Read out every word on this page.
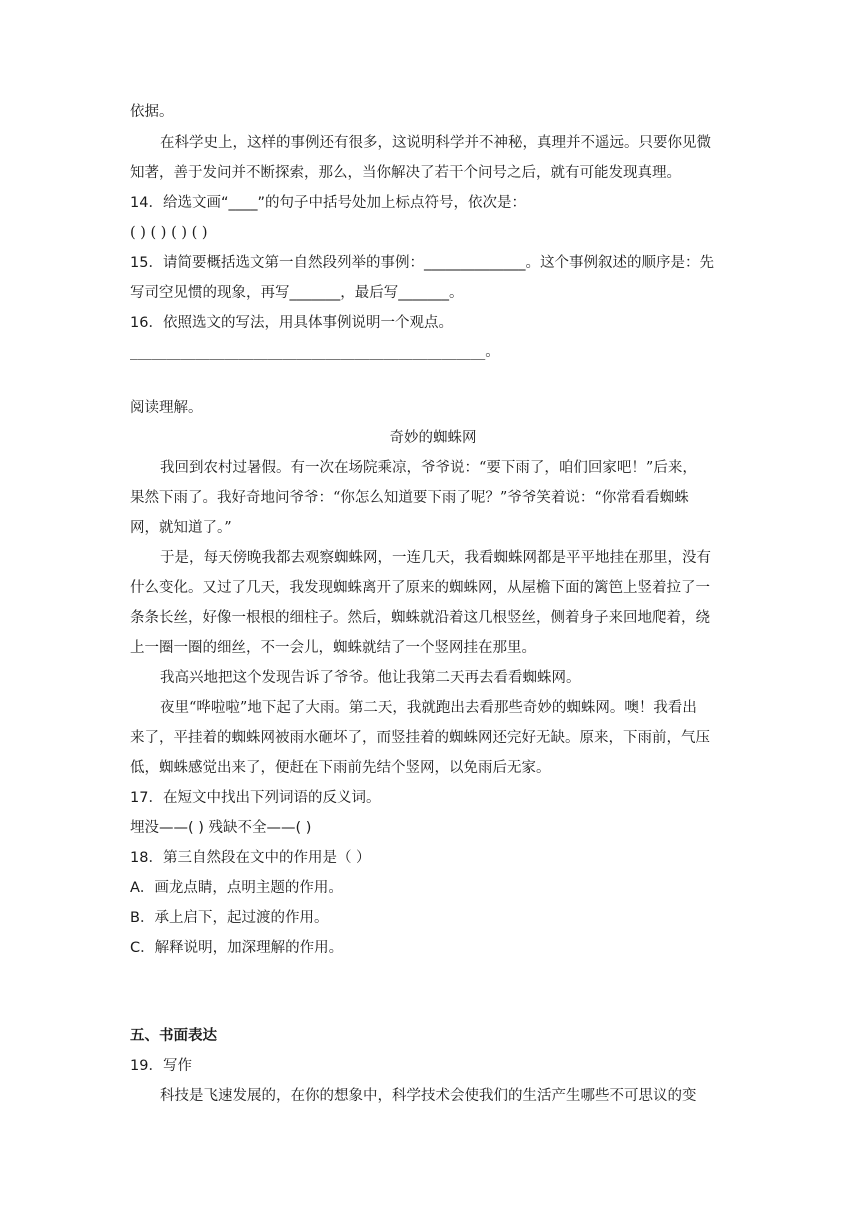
依据。
在科学史上，这样的事例还有很多，这说明科学并不神秘，真理并不遥远。只要你见微
知著，善于发问并不断探索，那么，当你解决了若干个问号之后，就有可能发现真理。
14．给选文画“____”的句子中括号处加上标点符号，依次是：
( ) ( ) ( ) ( )
15．请简要概括选文第一自然段列举的事例：______________。这个事例叙述的顺序是：先
写司空见惯的现象，再写_______，最后写_______。
16．依照选文的写法，用具体事例说明一个观点。
_________________________________________________。
阅读理解。
奇妙的蜘蛛网
我回到农村过暑假。有一次在场院乘凉，爷爷说：“要下雨了，咱们回家吧！”后来，
果然下雨了。我好奇地问爷爷：“你怎么知道要下雨了呢？”爷爷笑着说：“你常看看蜘蛛
网，就知道了。”
于是，每天傍晚我都去观察蜘蛛网，一连几天，我看蜘蛛网都是平平地挂在那里，没有
什么变化。又过了几天，我发现蜘蛛离开了原来的蜘蛛网，从屋檐下面的篱笆上竖着拉了一
条条长丝，好像一根根的细柱子。然后，蜘蛛就沿着这几根竖丝，侧着身子来回地爬着，绕
上一圈一圈的细丝，不一会儿，蜘蛛就结了一个竖网挂在那里。
我高兴地把这个发现告诉了爷爷。他让我第二天再去看看蜘蛛网。
夜里“哗啦啦”地下起了大雨。第二天，我就跑出去看那些奇妙的蜘蛛网。噢！我看出
来了，平挂着的蜘蛛网被雨水砸坏了，而竖挂着的蜘蛛网还完好无缺。原来，下雨前，气压
低，蜘蛛感觉出来了，便赶在下雨前先结个竖网，以免雨后无家。
17．在短文中找出下列词语的反义词。
埋没——( ) 残缺不全——( )
18．第三自然段在文中的作用是（ ）
A．画龙点睛，点明主题的作用。
B．承上启下，起过渡的作用。
C．解释说明，加深理解的作用。
五、书面表达
19．写作
科技是飞速发展的，在你的想象中，科学技术会使我们的生活产生哪些不可思议的变
